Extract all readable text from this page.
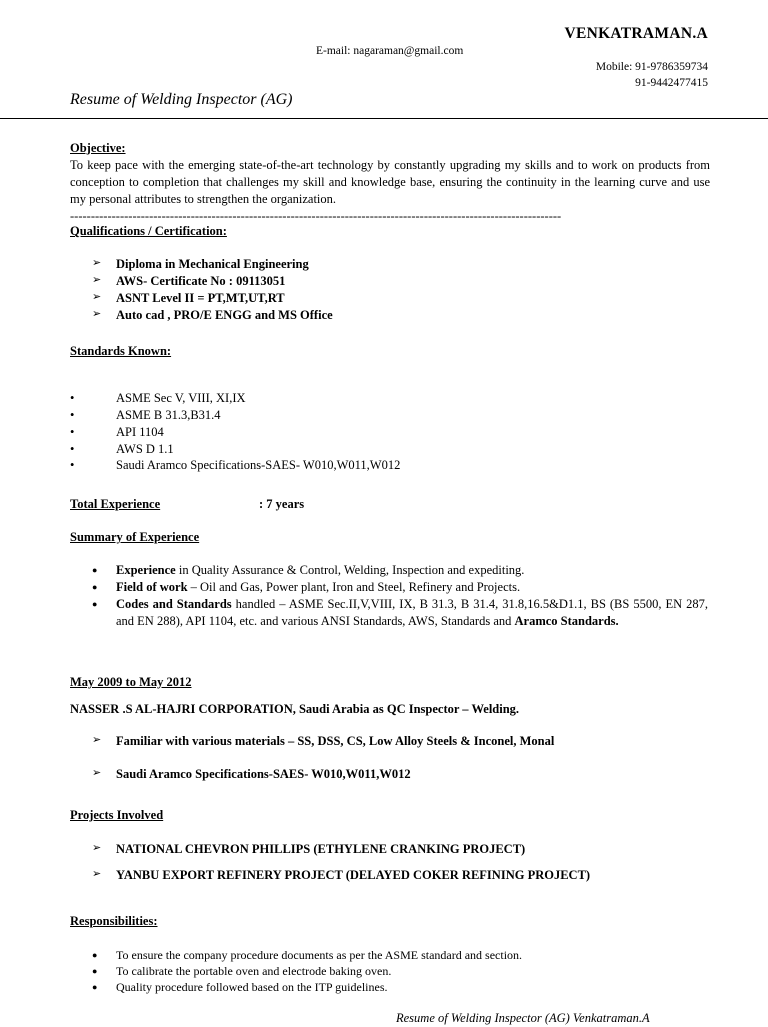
VENKATRAMAN.A
E-mail: nagaraman@gmail.com
Mobile: 91-9786359734
91-9442477415
Resume of Welding Inspector (AG)
Objective:
To keep pace with the emerging state-of-the-art technology by constantly upgrading my skills and to work on products from conception to completion that challenges my skill and knowledge base, ensuring the continuity in the learning curve and use my personal attributes to strengthen the organization.
----------------------------------------------------------------------------------------------------------------------
Qualifications / Certification:
➢ Diploma in Mechanical Engineering
➢ AWS- Certificate No : 09113051
➢ ASNT Level II = PT,MT,UT,RT
➢ Auto cad , PRO/E ENGG and MS Office
Standards Known:
• ASME Sec V, VIII, XI,IX
• ASME B 31.3,B31.4
• API 1104
• AWS D 1.1
• Saudi Aramco Specifications-SAES- W010,W011,W012
Total Experience	: 7 years
Summary of Experience
● Experience in Quality Assurance & Control, Welding, Inspection and expediting.
● Field of work – Oil and Gas, Power plant, Iron and Steel, Refinery and Projects.
● Codes and Standards handled – ASME Sec.II,V,VIII, IX, B 31.3, B 31.4, 31.8,16.5&D1.1, BS (BS 5500, EN 287, and EN 288), API 1104, etc. and various ANSI Standards, AWS, Standards and Aramco Standards.
May 2009 to May 2012
NASSER .S AL-HAJRI CORPORATION, Saudi Arabia as QC Inspector – Welding.
➢ Familiar with various materials – SS, DSS, CS, Low Alloy Steels & Inconel, Monal
➢ Saudi Aramco Specifications-SAES- W010,W011,W012
Projects Involved
➢ NATIONAL CHEVRON PHILLIPS (ETHYLENE CRANKING PROJECT)
➢ YANBU EXPORT REFINERY PROJECT (DELAYED COKER REFINING PROJECT)
Responsibilities:
● To ensure the company procedure documents as per the ASME standard and section.
● To calibrate the portable oven and electrode baking oven.
● Quality procedure followed based on the ITP guidelines.
Resume of Welding Inspector (AG) Venkatraman.A
